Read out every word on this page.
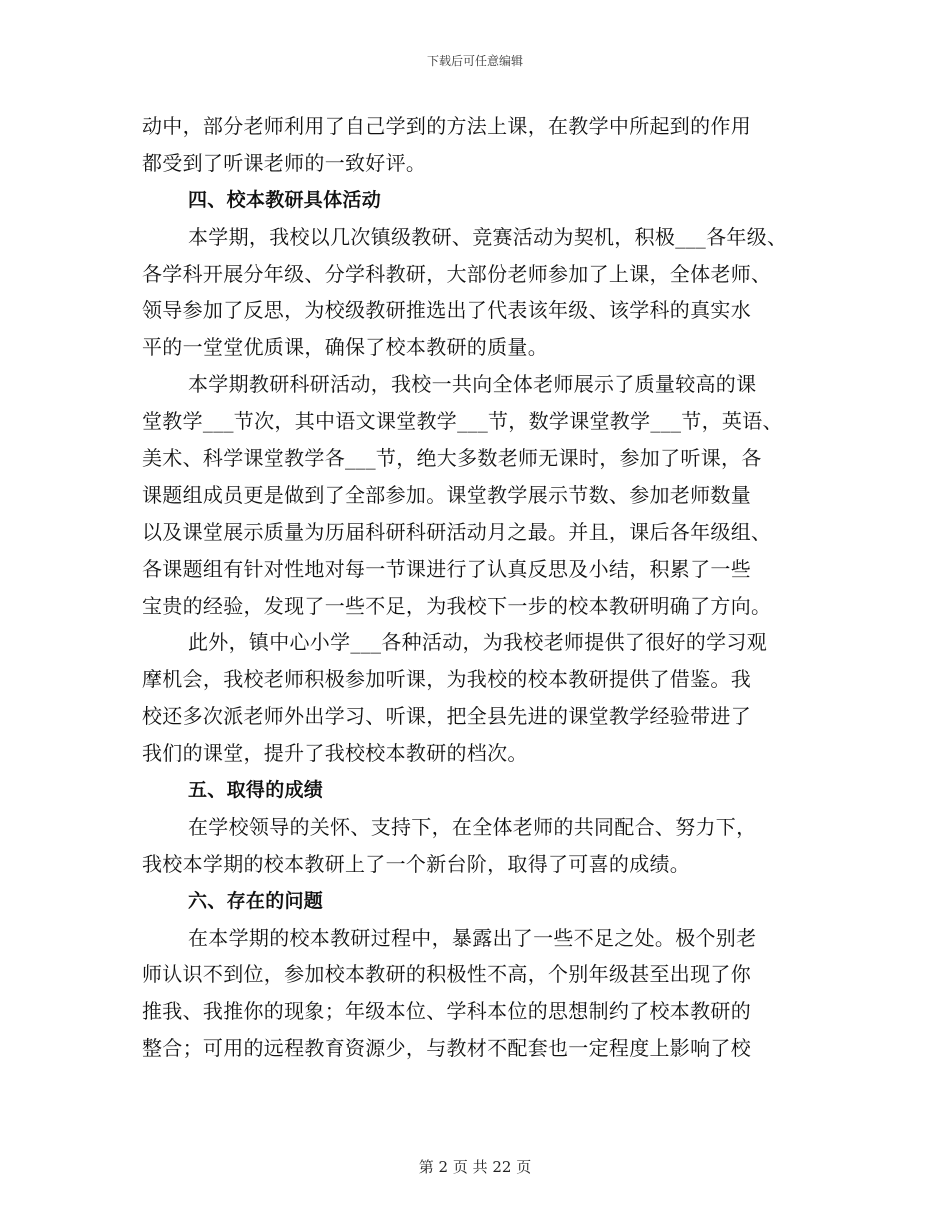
下载后可任意编辑
动中，部分老师利用了自己学到的方法上课，在教学中所起到的作用
都受到了听课老师的一致好评。
四、校本教研具体活动
本学期，我校以几次镇级教研、竞赛活动为契机，积极___各年级、
各学科开展分年级、分学科教研，大部份老师参加了上课，全体老师、
领导参加了反思，为校级教研推选出了代表该年级、该学科的真实水
平的一堂堂优质课，确保了校本教研的质量。
本学期教研科研活动，我校一共向全体老师展示了质量较高的课
堂教学___节次，其中语文课堂教学___节，数学课堂教学___节，英语、
美术、科学课堂教学各___节，绝大多数老师无课时，参加了听课，各
课题组成员更是做到了全部参加。课堂教学展示节数、参加老师数量
以及课堂展示质量为历届科研科研活动月之最。并且，课后各年级组、
各课题组有针对性地对每一节课进行了认真反思及小结，积累了一些
宝贵的经验，发现了一些不足，为我校下一步的校本教研明确了方向。
此外，镇中心小学___各种活动，为我校老师提供了很好的学习观
摩机会，我校老师积极参加听课，为我校的校本教研提供了借鉴。我
校还多次派老师外出学习、听课，把全县先进的课堂教学经验带进了
我们的课堂，提升了我校校本教研的档次。
五、取得的成绩
在学校领导的关怀、支持下，在全体老师的共同配合、努力下，
我校本学期的校本教研上了一个新台阶，取得了可喜的成绩。
六、存在的问题
在本学期的校本教研过程中，暴露出了一些不足之处。极个别老
师认识不到位，参加校本教研的积极性不高，个别年级甚至出现了你
推我、我推你的现象；年级本位、学科本位的思想制约了校本教研的
整合；可用的远程教育资源少，与教材不配套也一定程度上影响了校
第 2 页 共 22 页
